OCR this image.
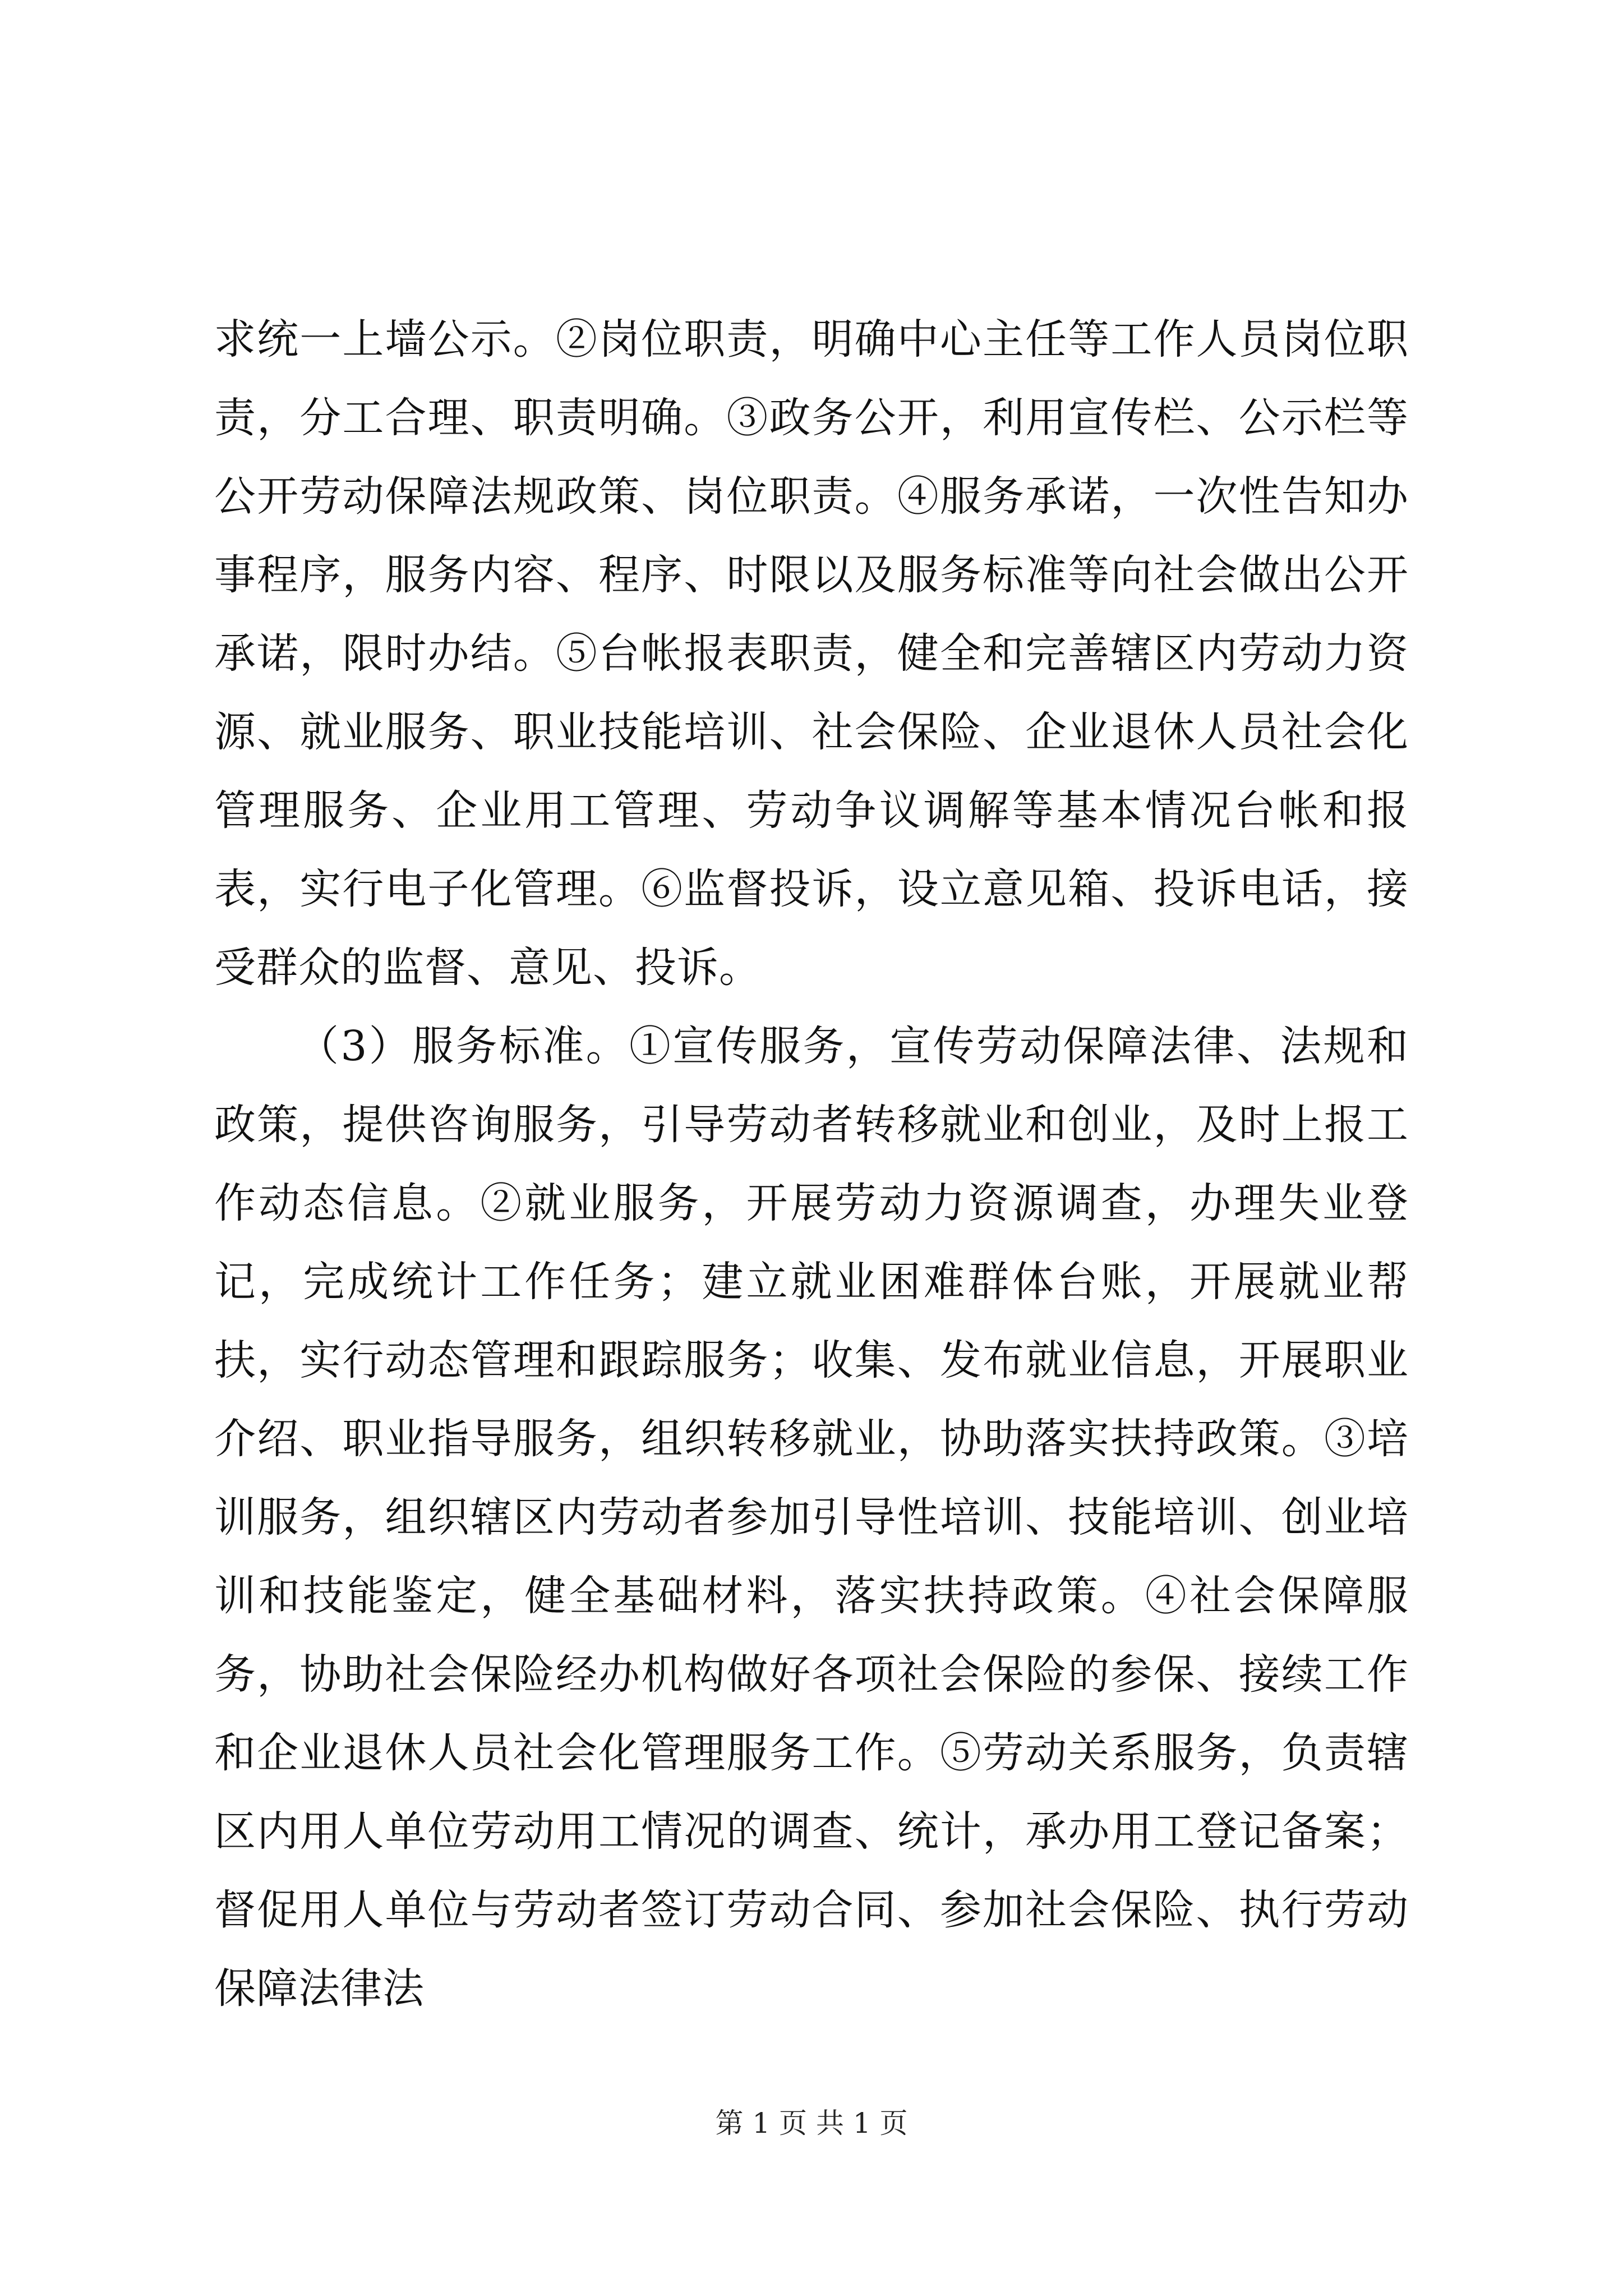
求统一上墙公示。②岗位职责，明确中心主任等工作人员岗位职责，分工合理、职责明确。③政务公开，利用宣传栏、公示栏等公开劳动保障法规政策、岗位职责。④服务承诺，一次性告知办事程序，服务内容、程序、时限以及服务标准等向社会做出公开承诺，限时办结。⑤台帐报表职责，健全和完善辖区内劳动力资源、就业服务、职业技能培训、社会保险、企业退休人员社会化管理服务、企业用工管理、劳动争议调解等基本情况台帐和报表，实行电子化管理。⑥监督投诉，设立意见箱、投诉电话，接受群众的监督、意见、投诉。

（3）服务标准。①宣传服务，宣传劳动保障法律、法规和政策，提供咨询服务，引导劳动者转移就业和创业，及时上报工作动态信息。②就业服务，开展劳动力资源调查，办理失业登记，完成统计工作任务；建立就业困难群体台账，开展就业帮扶，实行动态管理和跟踪服务；收集、发布就业信息，开展职业介绍、职业指导服务，组织转移就业，协助落实扶持政策。③培训服务，组织辖区内劳动者参加引导性培训、技能培训、创业培训和技能鉴定，健全基础材料，落实扶持政策。④社会保障服务，协助社会保险经办机构做好各项社会保险的参保、接续工作和企业退休人员社会化管理服务工作。⑤劳动关系服务，负责辖区内用人单位劳动用工情况的调查、统计，承办用工登记备案；督促用人单位与劳动者签订劳动合同、参加社会保险、执行劳动保障法律法

第 1 页 共 1 页
